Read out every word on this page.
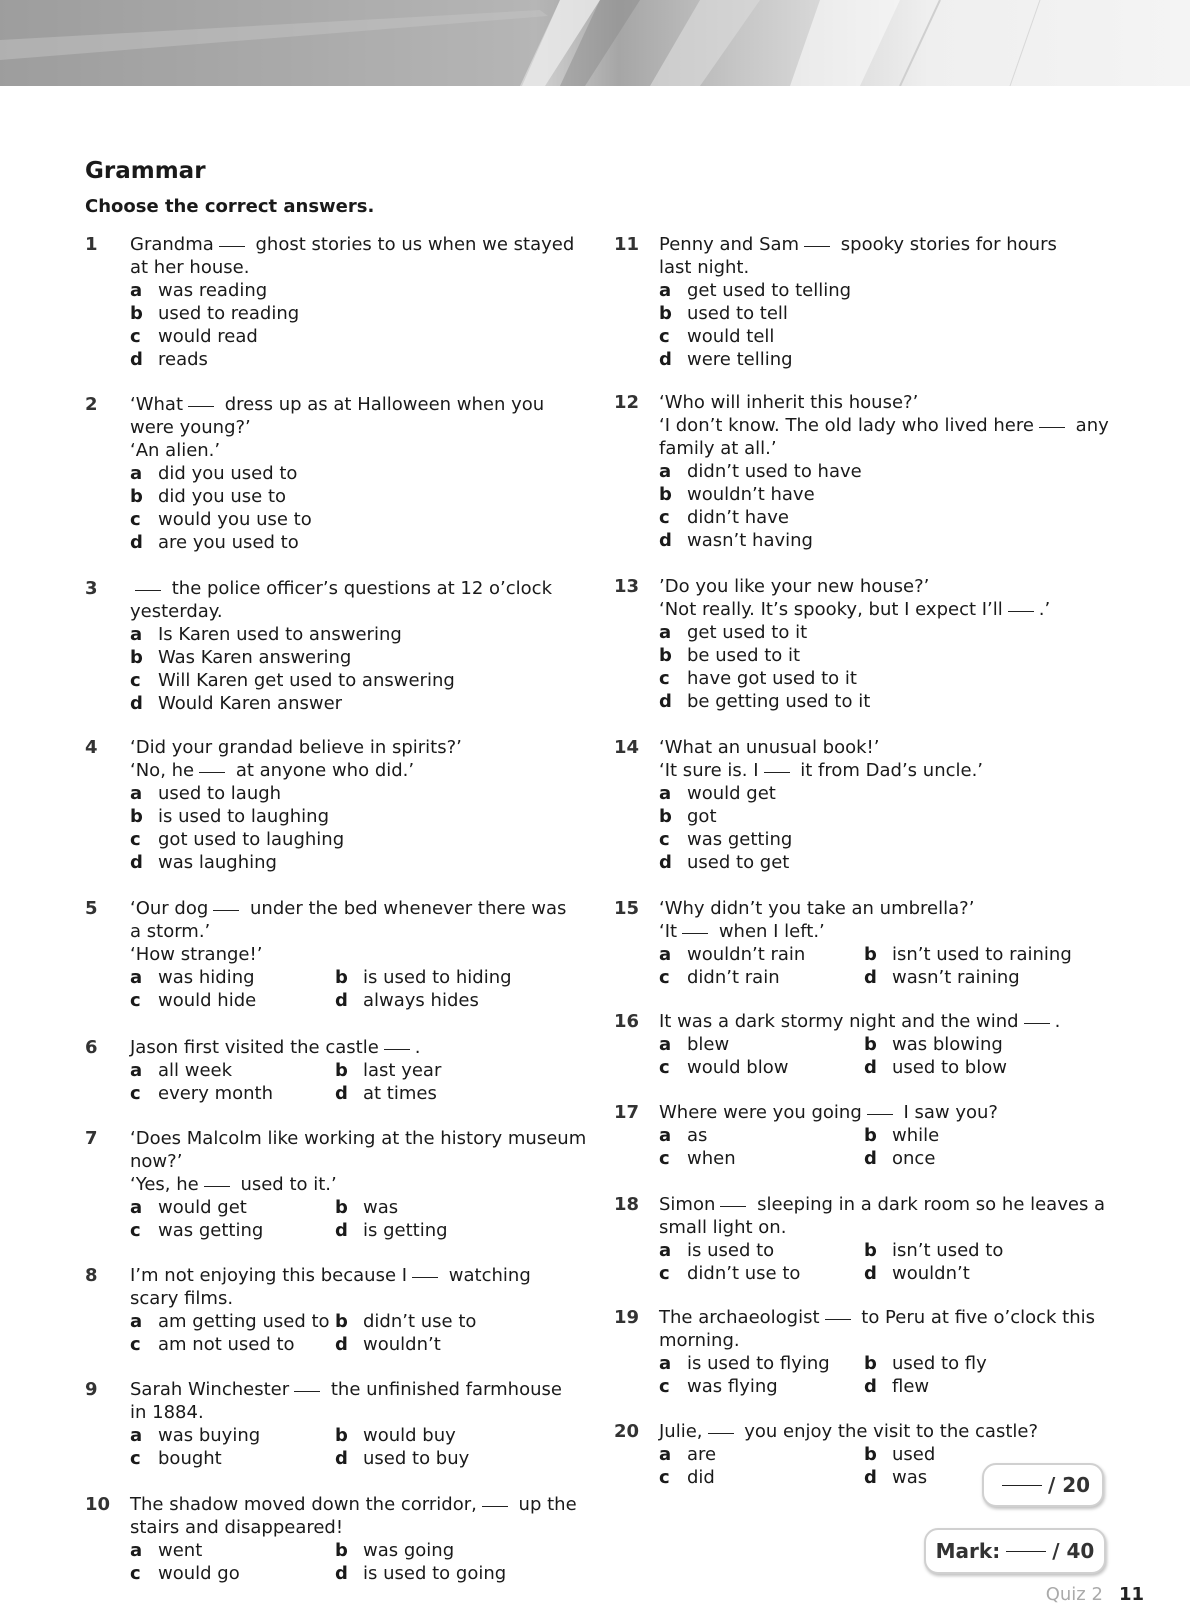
Grammar

Choose the correct answers.

1 Grandma ghost stories to us when we stayed
at her house.
a was reading
b used to reading
c would read
d reads
2 ‘What dress up as at Halloween when you
were young?’
‘An alien.’
a did you used to
b did you use to
c would you use to
d are you used to
3	the police officer’s questions at 12 o’clock
yesterday.
a Is Karen used to answering
b Was Karen answering
c Will Karen get used to answering
d Would Karen answer
4 ‘Did your grandad believe in spirits?’
‘No, he at anyone who did.’
a used to laugh
b is used to laughing
c got used to laughing
d was laughing
5 ‘Our dog under the bed whenever there was
a storm.’
‘How strange!’
a was hiding	b is used to hiding
c would hide	d always hides
6 Jason first visited the castle .
a all week	b last year
c every month	d at times
7 ‘Does Malcolm like working at the history museum
now?’
‘Yes, he used to it.’
a would get	b was
c was getting	d is getting
8 I’m not enjoying this because I watching
scary films.
a am getting used to b didn’t use to
c am not used to d wouldn’t
9 Sarah Winchester the unfinished farmhouse
in 1884.
a was buying	b would buy
c bought	d used to buy
10 The shadow moved down the corridor, up the
stairs and disappeared!
a went	b was going
c would go	d is used to going
11 Penny and Sam spooky stories for hours
last night.
a get used to telling
b used to tell
c would tell
d were telling
12 ‘Who will inherit this house?’
‘I don’t know. The old lady who lived here any
family at all.’
a didn’t used to have
b wouldn’t have
c didn’t have
d wasn’t having
13 ’Do you like your new house?’
‘Not really. It’s spooky, but I expect I’ll .’
a get used to it
b be used to it
c have got used to it
d be getting used to it
14 ‘What an unusual book!’
‘It sure is. I it from Dad’s uncle.’
a would get
b got
c was getting
d used to get
15 ‘Why didn’t you take an umbrella?’
‘It when I left.’
a wouldn’t rain	b isn’t used to raining
c didn’t rain	d wasn’t raining
16 It was a dark stormy night and the wind .
a blew	b was blowing
c would blow	d used to blow
17 Where were you going I saw you?
a as	b while
c when	d once
18 Simon sleeping in a dark room so he leaves a
small light on.
a is used to	b isn’t used to
c didn’t use to	d wouldn’t
19 The archaeologist to Peru at five o’clock this
morning.
a is used to flying b used to fly
c was flying	d flew
20 Julie, you enjoy the visit to the castle?
a are	b used
c did	d was	/ 20
Mark:	/ 40
Quiz 2 11
